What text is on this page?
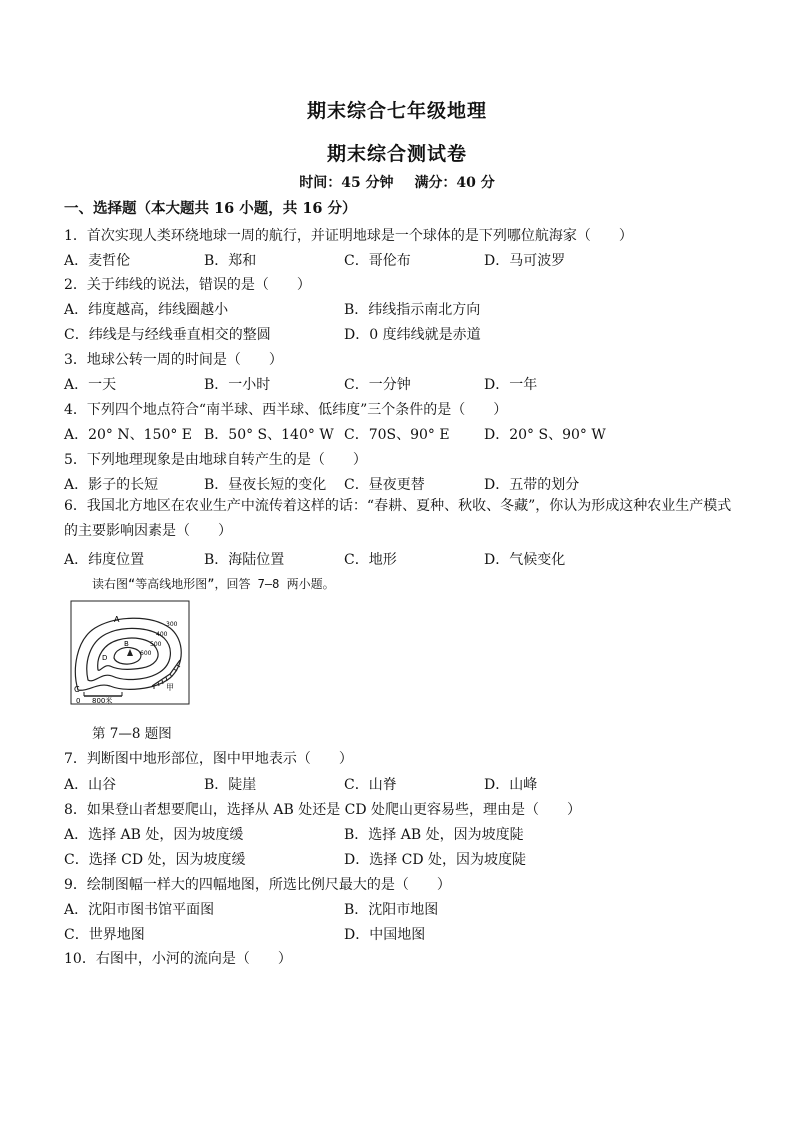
期末综合七年级地理
期末综合测试卷
时间：45 分钟 满分：40 分
一、选择题（本大题共 16 小题，共 16 分）
1．首次实现人类环绕地球一周的航行，并证明地球是一个球体的是下列哪位航海家（　　）
A．麦哲伦	B．郑和	C．哥伦布	D．马可波罗
2．关于纬线的说法，错误的是（　　）
A．纬度越高，纬线圈越小	B．纬线指示南北方向
C．纬线是与经线垂直相交的整圆	D．0 度纬线就是赤道
3．地球公转一周的时间是（　　）
A．一天	B．一小时	C．一分钟	D．一年
4．下列四个地点符合“南半球、西半球、低纬度”三个条件的是（　　）
A．20° N、150° E B．50° S、140° W C．70S、90° E D．20° S、90° W
5．下列地理现象是由地球自转产生的是（　　）
A．影子的长短	B．昼夜长短的变化 C．昼夜更替	D．五带的划分
6．我国北方地区在农业生产中流传着这样的话：“春耕、夏种、秋收、冬藏”，你认为形成这种农业生产模式的主要影响因素是（　　）
A．纬度位置	B．海陆位置	C．地形	D．气候变化
读右图“等高线地形图”，回答 7—8 两小题。
0 800米
A
B
C
D
甲
300
400
500
600
第 7—8 题图
7．判断图中地形部位，图中甲地表示（　　）
A．山谷	B．陡崖	C．山脊	D．山峰
8．如果登山者想要爬山，选择从 AB 处还是 CD 处爬山更容易些，理由是（　　）
A．选择 AB 处，因为坡度缓	B．选择 AB 处，因为坡度陡
C．选择 CD 处，因为坡度缓	D．选择 CD 处，因为坡度陡
9．绘制图幅一样大的四幅地图，所选比例尺最大的是（　　）
A．沈阳市图书馆平面图	B．沈阳市地图
C．世界地图	D．中国地图
10．右图中，小河的流向是（　　）
